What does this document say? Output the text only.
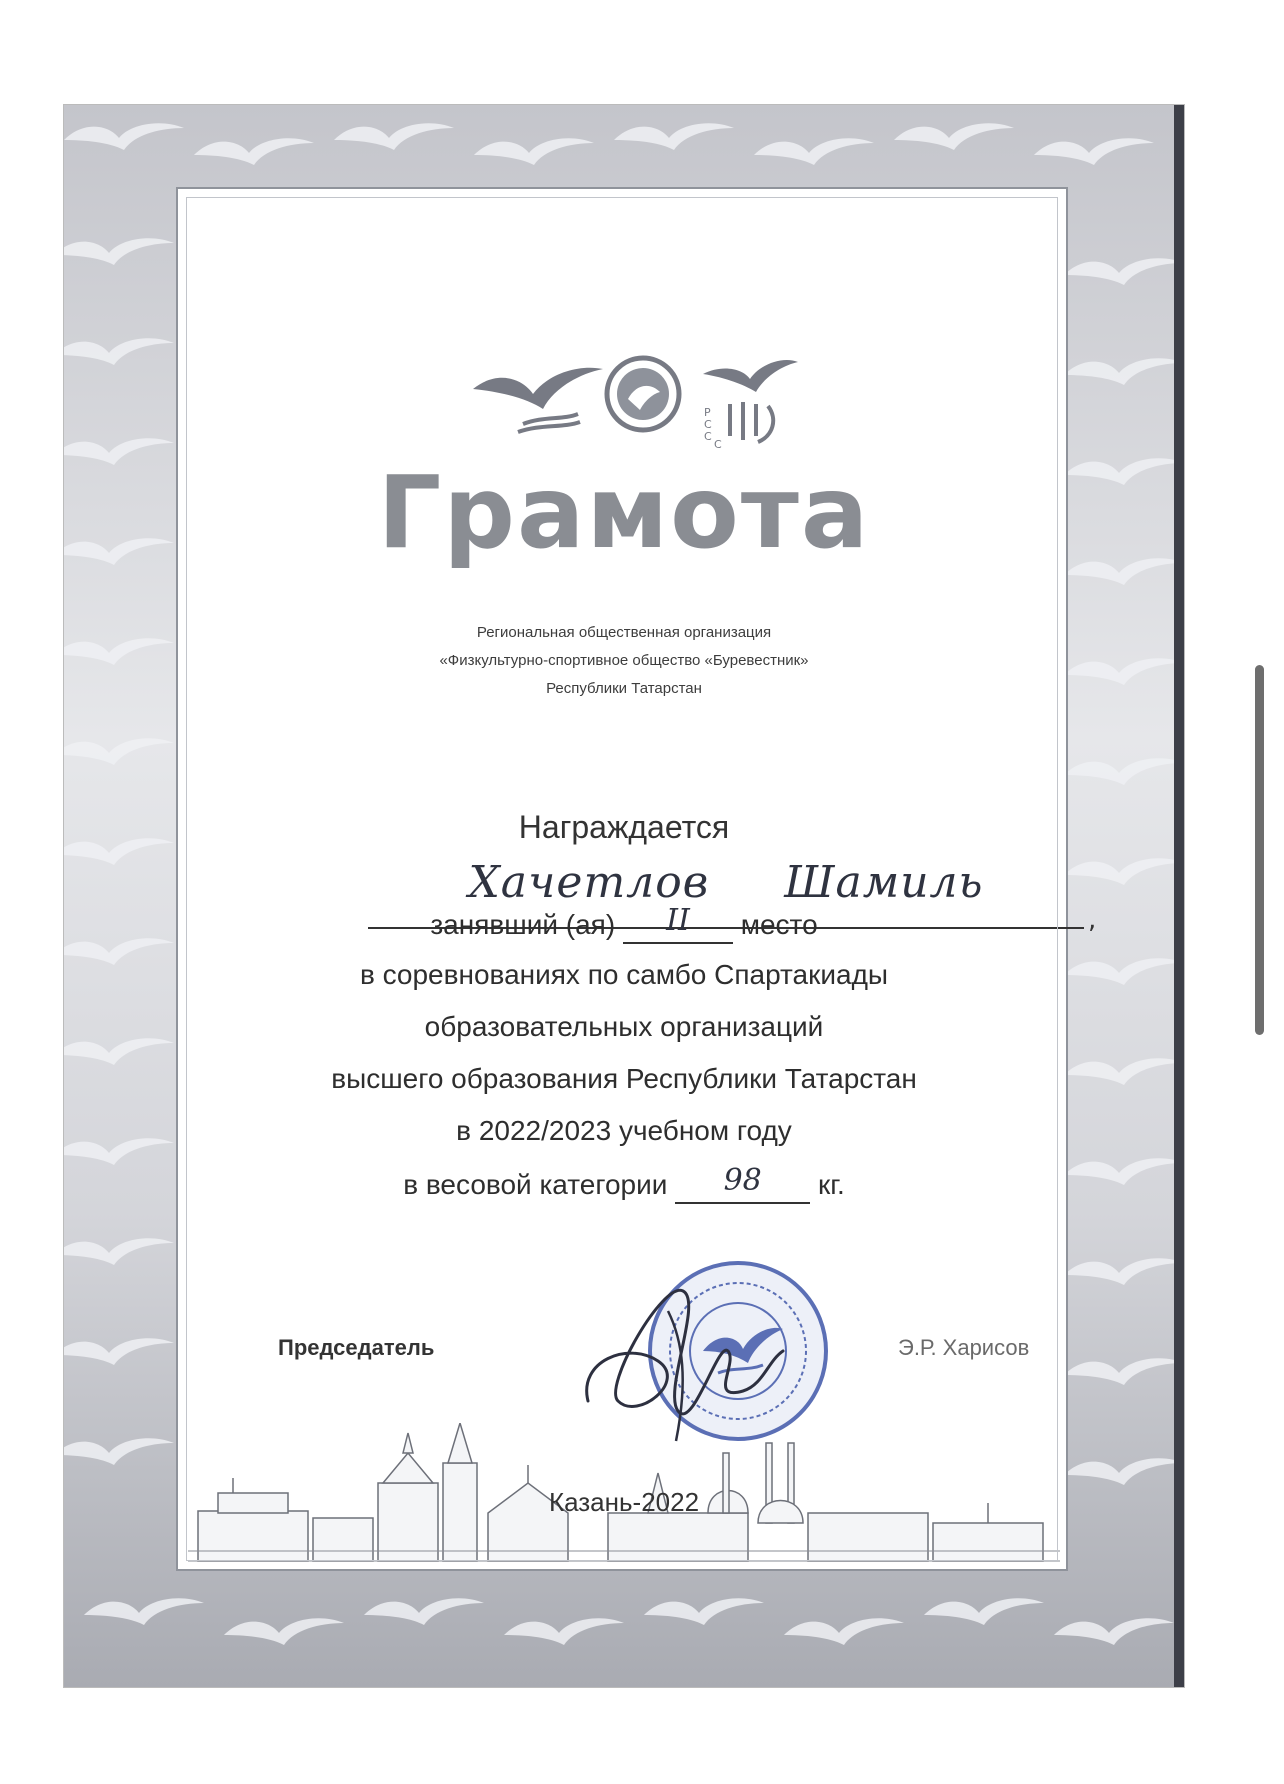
Р
С
С
С
Грамота
Региональная общественная организация
«Физкультурно-спортивное общество «Буревестник»
Республики Татарстан
Награждается
Хачетлов Шамиль
,
занявший (ая) II место
в соревнованиях по самбо Спартакиады
образовательных организаций
высшего образования Республики Татарстан
в 2022/2023 учебном году
в весовой категории 98 кг.
Председатель	Э.Р. Харисов
Казань-2022
